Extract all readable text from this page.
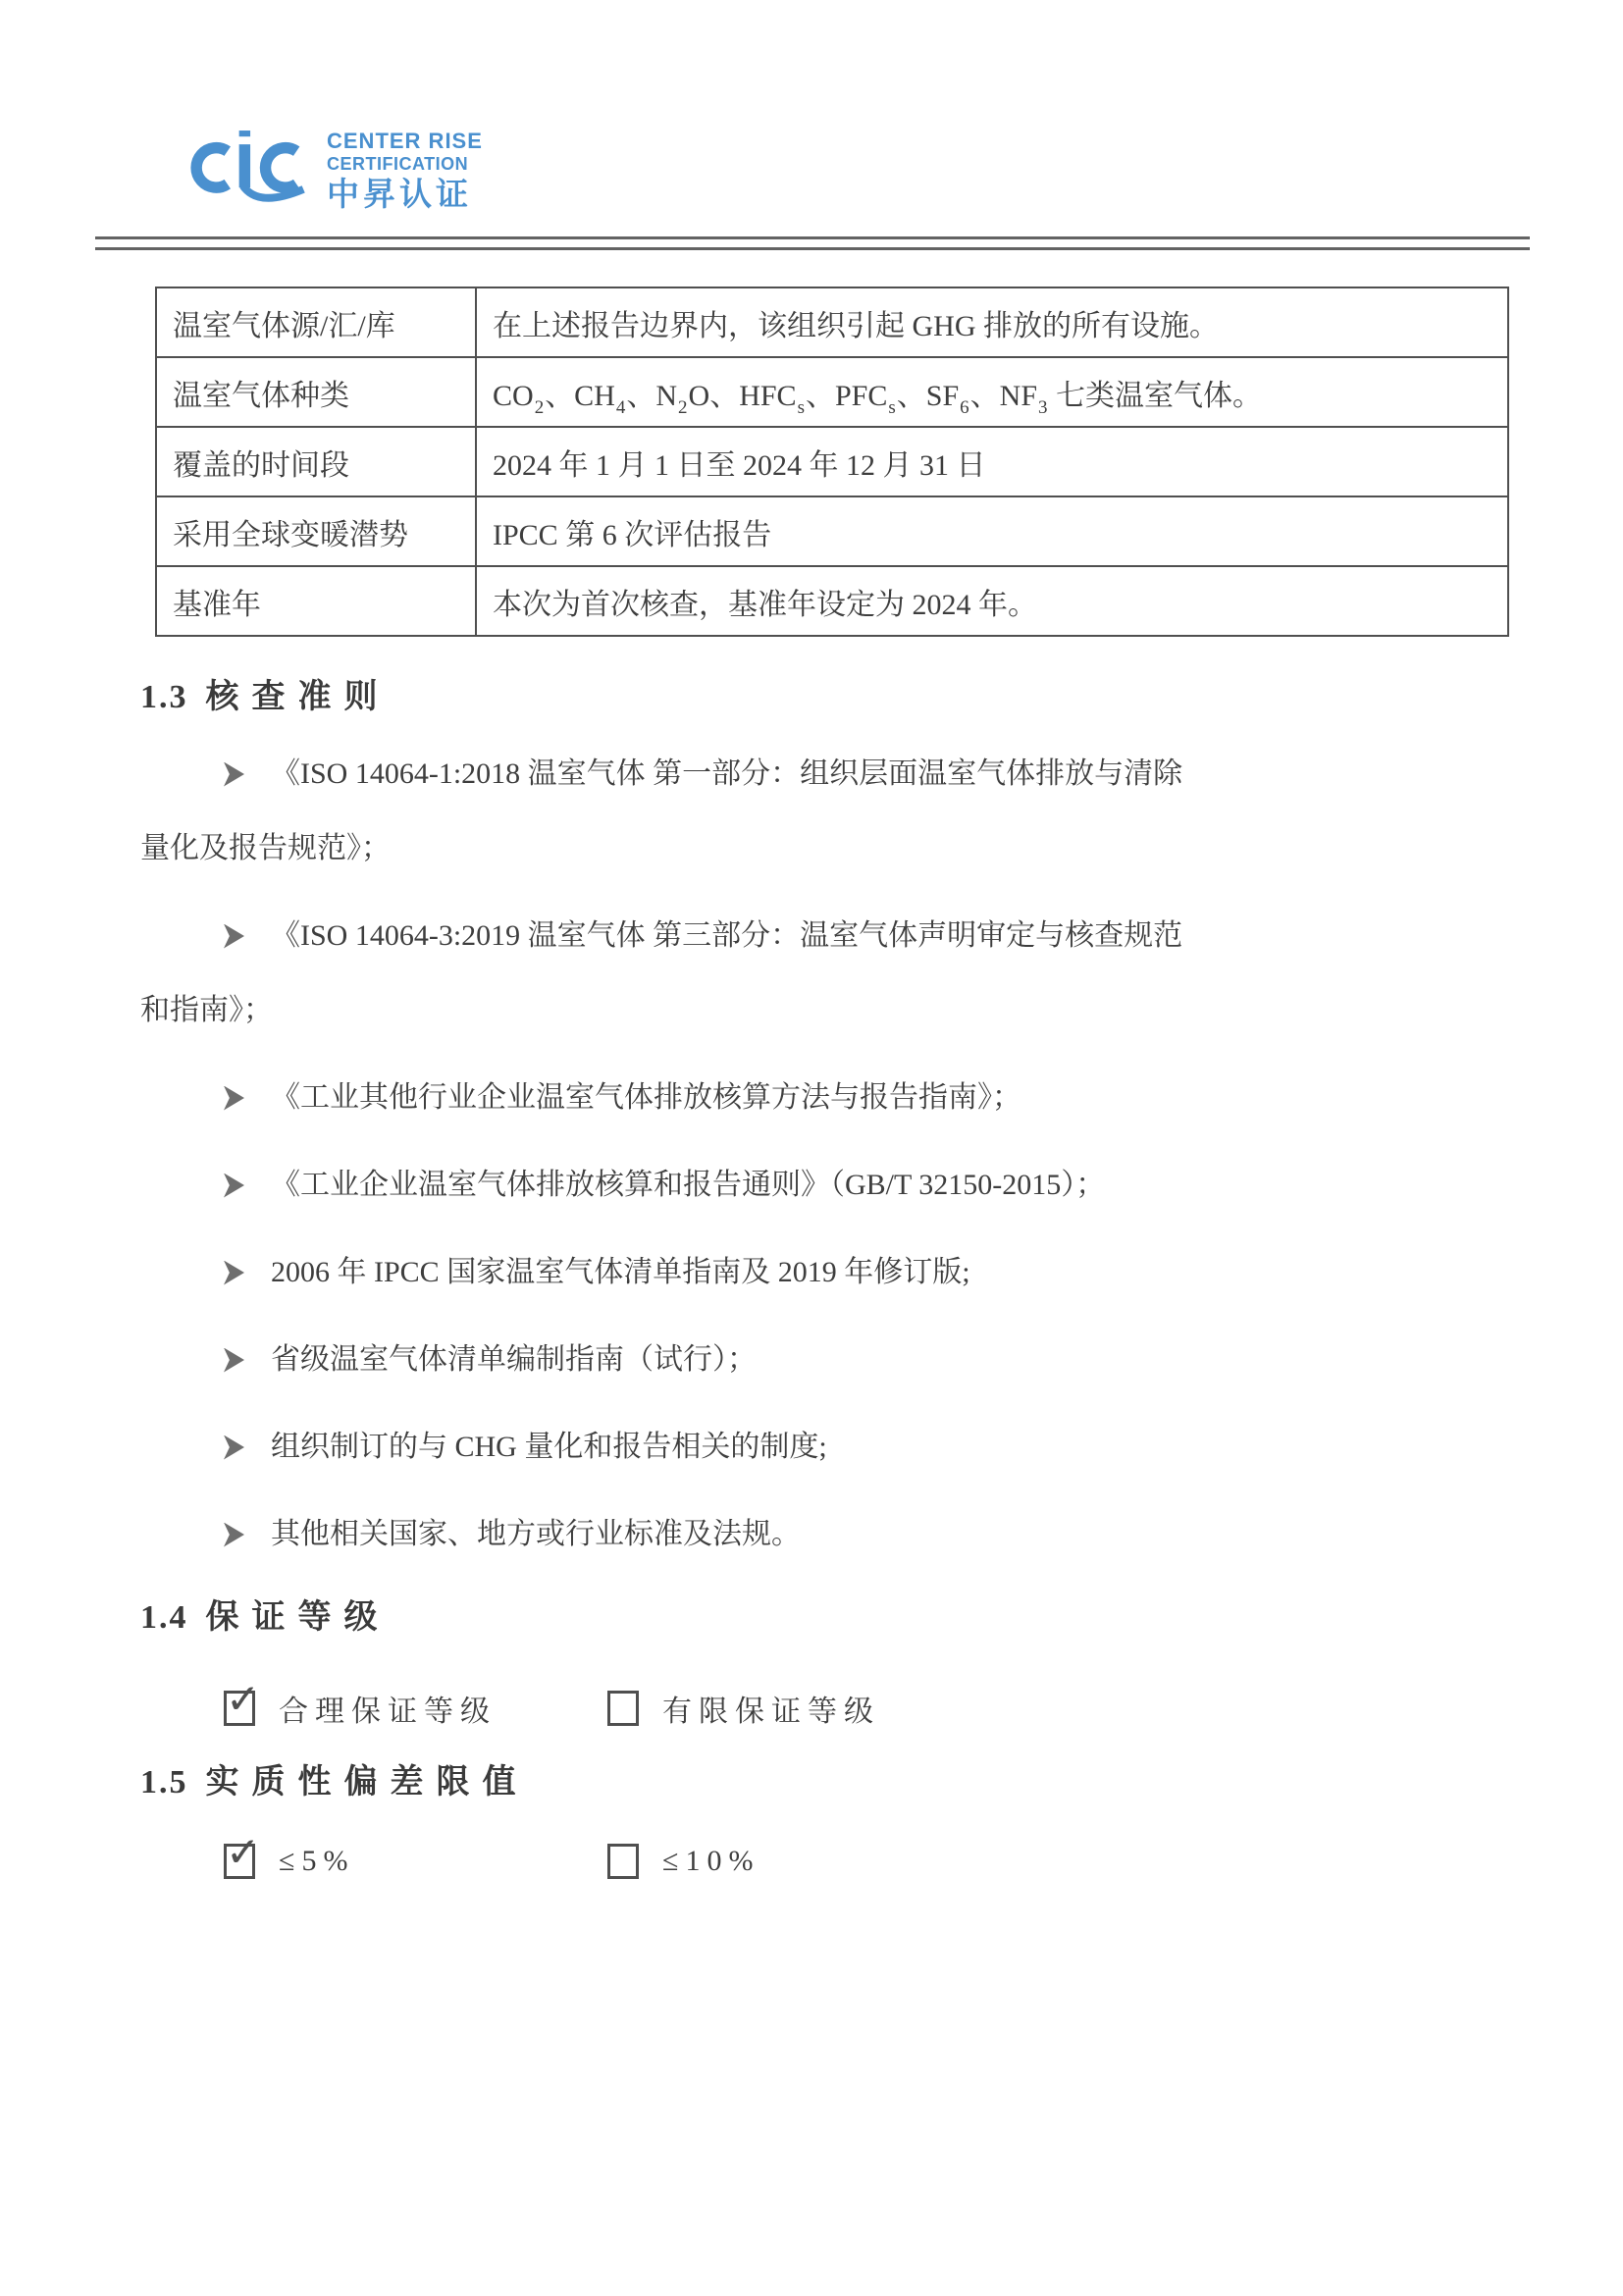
CENTER RISE
CERTIFICATION
中昇认证
温室气体源/汇/库	在上述报告边界内，该组织引起 GHG 排放的所有设施。
温室气体种类	$CO_2$、$CH_4$、$N_2O$、$HFC_s$、$PFC_s$、$SF_6$、$NF_3$ 七类温室气体。
覆盖的时间段	2024 年 1 月 1 日至 2024 年 12 月 31 日
采用全球变暖潜势	IPCC 第 6 次评估报告
基准年	本次为首次核查，基准年设定为 2024 年。
1.3 核查准则
《ISO 14064-1:2018 温室气体 第一部分：组织层面温室气体排放与清除
量化及报告规范》；
《ISO 14064-3:2019 温室气体 第三部分：温室气体声明审定与核查规范
和指南》；
《工业其他行业企业温室气体排放核算方法与报告指南》；
《工业企业温室气体排放核算和报告通则》（GB/T 32150-2015）；
2006 年 IPCC 国家温室气体清单指南及 2019 年修订版;
省级温室气体清单编制指南（试行）；
组织制订的与 CHG 量化和报告相关的制度;
其他相关国家、地方或行业标准及法规。
1.4 保证等级
✓ 合理保证等级	有限保证等级
1.5 实质性偏差限值
✓ ≤5%	≤10%
